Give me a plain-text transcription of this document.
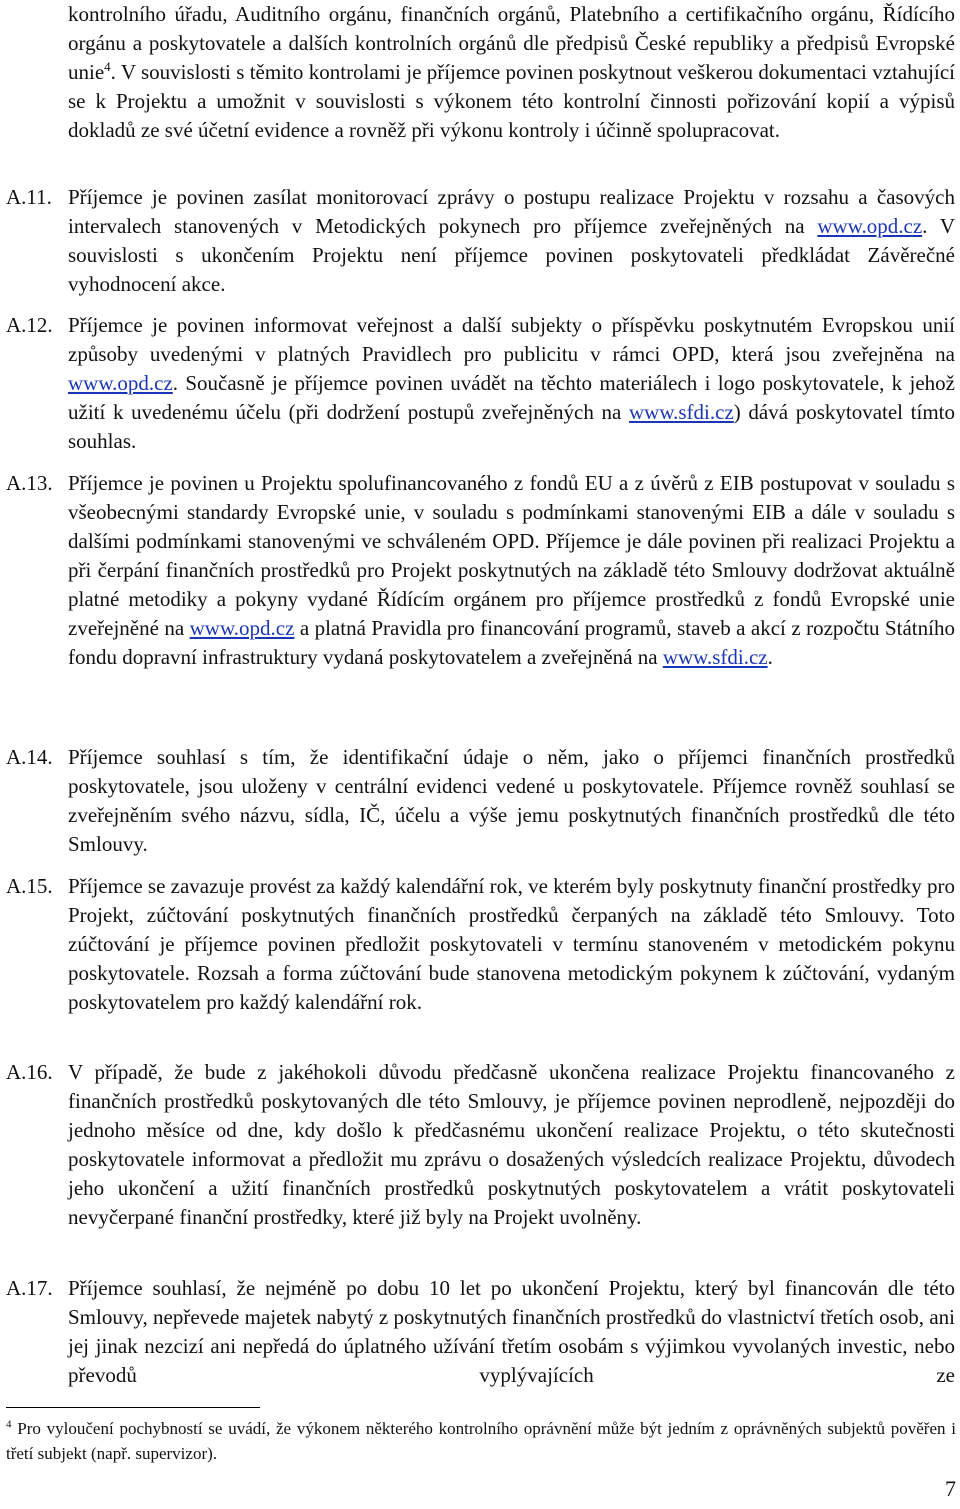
kontrolního úřadu, Auditního orgánu, finančních orgánů, Platebního a certifikačního orgánu, Řídícího orgánu a poskytovatele a dalších kontrolních orgánů dle předpisů České republiky a předpisů Evropské unie$^4$. V souvislosti s těmito kontrolami je příjemce povinen poskytnout veškerou dokumentaci vztahující se k Projektu a umožnit v souvislosti s výkonem této kontrolní činnosti pořizování kopií a výpisů dokladů ze své účetní evidence a rovněž při výkonu kontroly i účinně spolupracovat.
A.11. Příjemce je povinen zasílat monitorovací zprávy o postupu realizace Projektu v rozsahu a časových intervalech stanovených v Metodických pokynech pro příjemce zveřejněných na www.opd.cz. V souvislosti s ukončením Projektu není příjemce povinen poskytovateli předkládat Závěrečné vyhodnocení akce.
A.12. Příjemce je povinen informovat veřejnost a další subjekty o příspěvku poskytnutém Evropskou unií způsoby uvedenými v platných Pravidlech pro publicitu v rámci OPD, která jsou zveřejněna na www.opd.cz. Současně je příjemce povinen uvádět na těchto materiálech i logo poskytovatele, k jehož užití k uvedenému účelu (při dodržení postupů zveřejněných na www.sfdi.cz) dává poskytovatel tímto souhlas.
A.13. Příjemce je povinen u Projektu spolufinancovaného z fondů EU a z úvěrů z EIB postupovat v souladu s všeobecnými standardy Evropské unie, v souladu s podmínkami stanovenými EIB a dále v souladu s dalšími podmínkami stanovenými ve schváleném OPD. Příjemce je dále povinen při realizaci Projektu a při čerpání finančních prostředků pro Projekt poskytnutých na základě této Smlouvy dodržovat aktuálně platné metodiky a pokyny vydané Řídícím orgánem pro příjemce prostředků z fondů Evropské unie zveřejněné na www.opd.cz a platná Pravidla pro financování programů, staveb a akcí z rozpočtu Státního fondu dopravní infrastruktury vydaná poskytovatelem a zveřejněná na www.sfdi.cz.
A.14. Příjemce souhlasí s tím, že identifikační údaje o něm, jako o příjemci finančních prostředků poskytovatele, jsou uloženy v centrální evidenci vedené u poskytovatele. Příjemce rovněž souhlasí se zveřejněním svého názvu, sídla, IČ, účelu a výše jemu poskytnutých finančních prostředků dle této Smlouvy.
A.15. Příjemce se zavazuje provést za každý kalendářní rok, ve kterém byly poskytnuty finanční prostředky pro Projekt, zúčtování poskytnutých finančních prostředků čerpaných na základě této Smlouvy. Toto zúčtování je příjemce povinen předložit poskytovateli v termínu stanoveném v metodickém pokynu poskytovatele. Rozsah a forma zúčtování bude stanovena metodickým pokynem k zúčtování, vydaným poskytovatelem pro každý kalendářní rok.
A.16. V případě, že bude z jakéhokoli důvodu předčasně ukončena realizace Projektu financovaného z finančních prostředků poskytovaných dle této Smlouvy, je příjemce povinen neprodleně, nejpozději do jednoho měsíce od dne, kdy došlo k předčasnému ukončení realizace Projektu, o této skutečnosti poskytovatele informovat a předložit mu zprávu o dosažených výsledcích realizace Projektu, důvodech jeho ukončení a užití finančních prostředků poskytnutých poskytovatelem a vrátit poskytovateli nevyčerpané finanční prostředky, které již byly na Projekt uvolněny.
A.17. Příjemce souhlasí, že nejméně po dobu 10 let po ukončení Projektu, který byl financován dle této Smlouvy, nepřevede majetek nabytý z poskytnutých finančních prostředků do vlastnictví třetích osob, ani jej jinak nezcizí ani nepředá do úplatného užívání třetím osobám s výjimkou vyvolaných investic, nebo převodů vyplývajících ze
$^4$ Pro vyloučení pochybností se uvádí, že výkonem některého kontrolního oprávnění může být jedním z oprávněných subjektů pověřen i třetí subjekt (např. supervizor).
7
